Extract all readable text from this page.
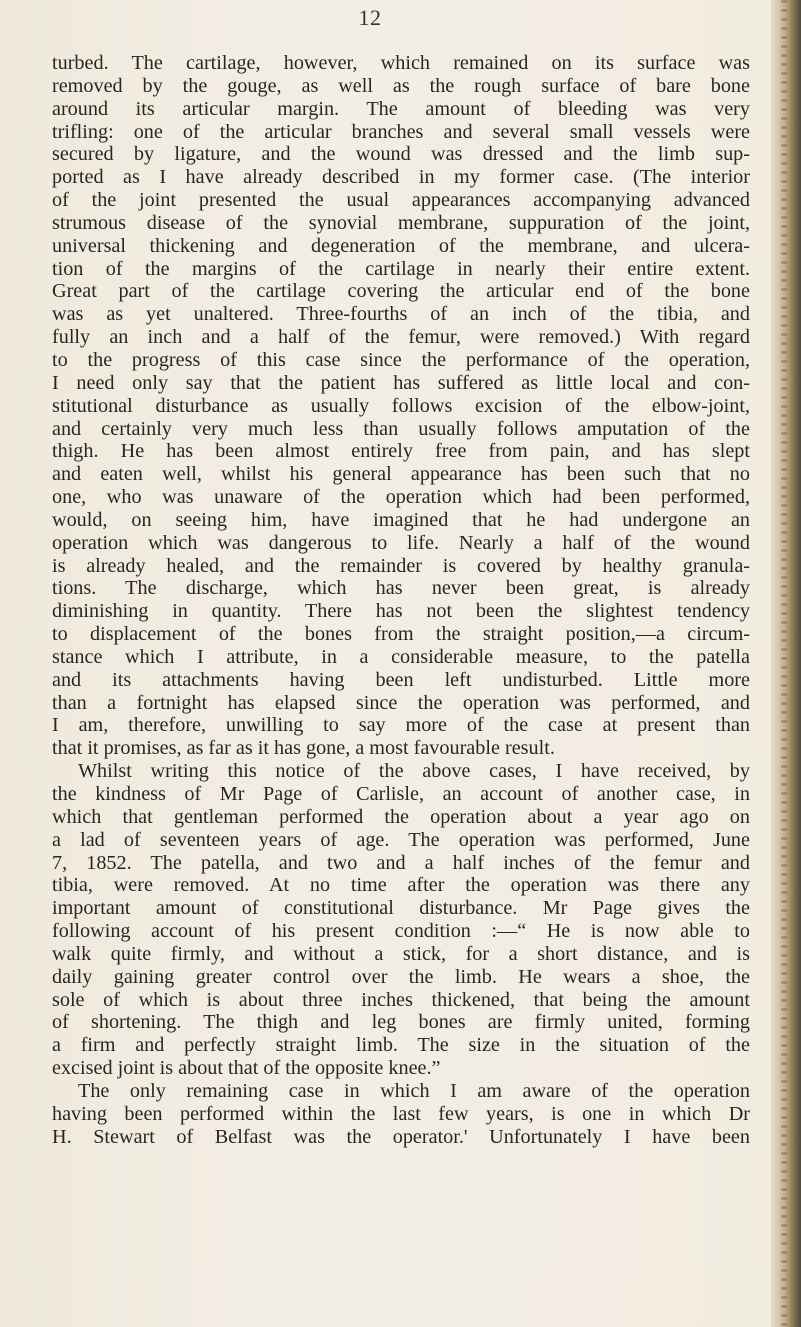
12
turbed. The cartilage, however, which remained on its surface was
removed by the gouge, as well as the rough surface of bare bone
around its articular margin. The amount of bleeding was very
trifling: one of the articular branches and several small vessels were
secured by ligature, and the wound was dressed and the limb sup-
ported as I have already described in my former case. (The interior
of the joint presented the usual appearances accompanying advanced
strumous disease of the synovial membrane, suppuration of the joint,
universal thickening and degeneration of the membrane, and ulcera-
tion of the margins of the cartilage in nearly their entire extent.
Great part of the cartilage covering the articular end of the bone
was as yet unaltered. Three-fourths of an inch of the tibia, and
fully an inch and a half of the femur, were removed.) With regard
to the progress of this case since the performance of the operation,
I need only say that the patient has suffered as little local and con-
stitutional disturbance as usually follows excision of the elbow-joint,
and certainly very much less than usually follows amputation of the
thigh. He has been almost entirely free from pain, and has slept
and eaten well, whilst his general appearance has been such that no
one, who was unaware of the operation which had been performed,
would, on seeing him, have imagined that he had undergone an
operation which was dangerous to life. Nearly a half of the wound
is already healed, and the remainder is covered by healthy granula-
tions. The discharge, which has never been great, is already
diminishing in quantity. There has not been the slightest tendency
to displacement of the bones from the straight position,—a circum-
stance which I attribute, in a considerable measure, to the patella
and its attachments having been left undisturbed. Little more
than a fortnight has elapsed since the operation was performed, and
I am, therefore, unwilling to say more of the case at present than
that it promises, as far as it has gone, a most favourable result.
Whilst writing this notice of the above cases, I have received, by
the kindness of Mr Page of Carlisle, an account of another case, in
which that gentleman performed the operation about a year ago on
a lad of seventeen years of age. The operation was performed, June
7, 1852. The patella, and two and a half inches of the femur and
tibia, were removed. At no time after the operation was there any
important amount of constitutional disturbance. Mr Page gives the
following account of his present condition :—“ He is now able to
walk quite firmly, and without a stick, for a short distance, and is
daily gaining greater control over the limb. He wears a shoe, the
sole of which is about three inches thickened, that being the amount
of shortening. The thigh and leg bones are firmly united, forming
a firm and perfectly straight limb. The size in the situation of the
excised joint is about that of the opposite knee.”
The only remaining case in which I am aware of the operation
having been performed within the last few years, is one in which Dr
H. Stewart of Belfast was the operator.' Unfortunately I have been
